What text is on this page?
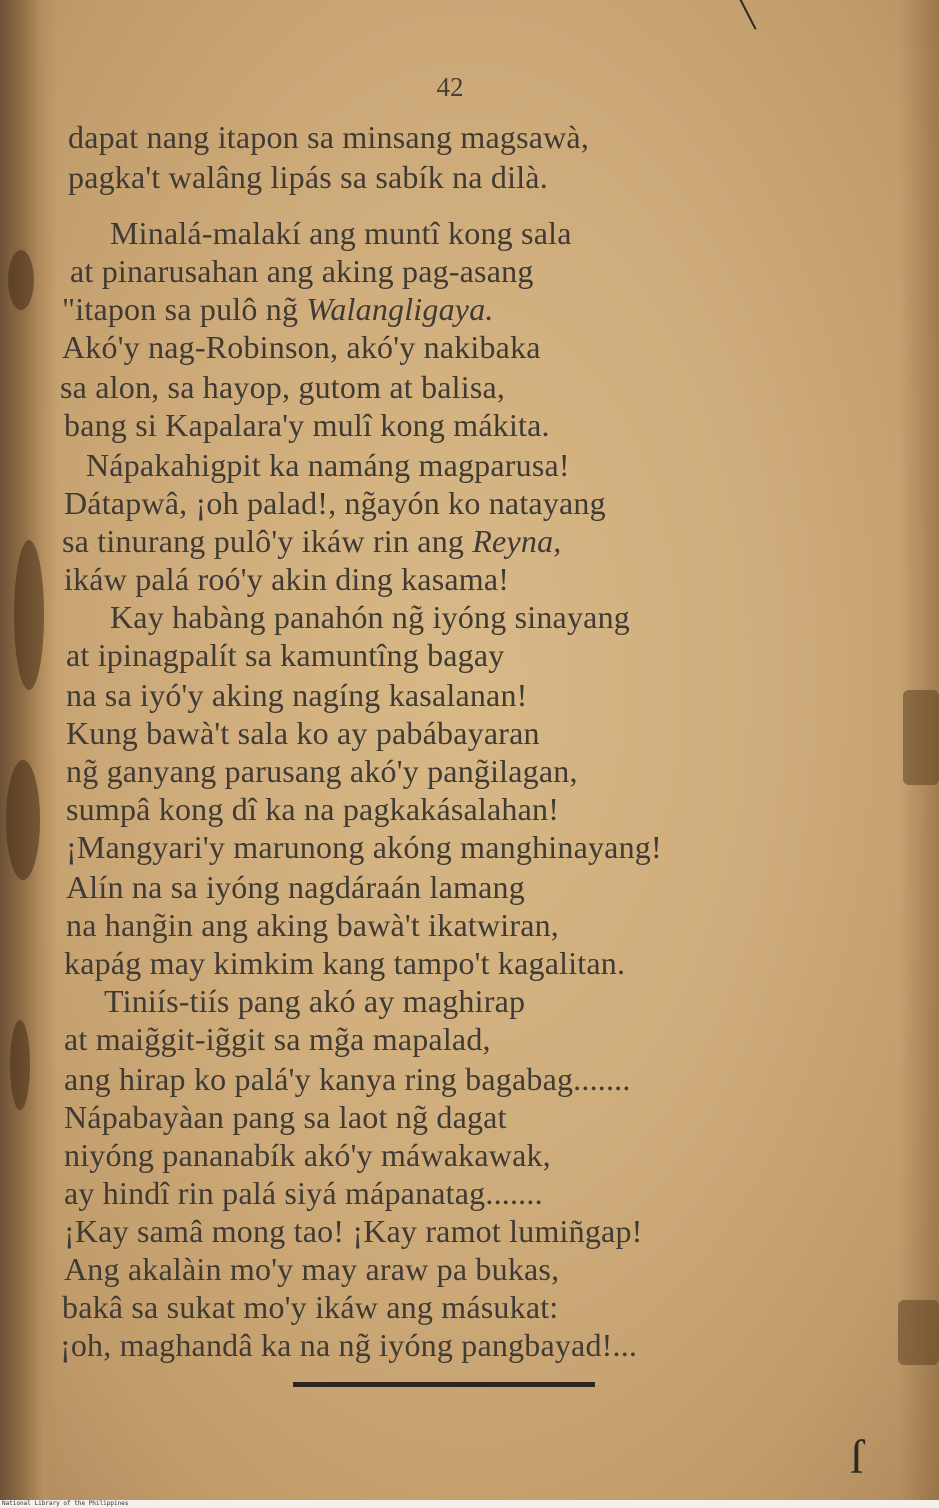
╲
ſ
42
dapat nang itapon sa minsang magsawà,
pagka't walâng lipás sa sabík na dilà.
Minalá-malakí ang muntî kong sala
at pinarusahan ang aking pag-asang
"itapon sa pulô ng̃ Walangligaya.
Akó'y nag-Robinson, akó'y nakibaka
sa alon, sa hayop, gutom at balisa,
bang si Kapalara'y mulî kong mákita.
Nápakahigpit ka namáng magparusa!
Dátapwâ, ¡oh palad!, ng̃ayón ko natayang
sa tinurang pulô'y ikáw rin ang Reyna,
ikáw palá roó'y akin ding kasama!
Kay habàng panahón ng̃ iyóng sinayang
at ipinagpalít sa kamuntîng bagay
na sa iyó'y aking nagíng kasalanan!
Kung bawà't sala ko ay pabábayaran
ng̃ ganyang parusang akó'y pang̃ilagan,
sumpâ kong dî ka na pagkakásalahan!
¡Mangyari'y marunong akóng manghinayang!
Alín na sa iyóng nagdáraán lamang
na hang̃in ang aking bawà't ikatwiran,
kapág may kimkim kang tampo't kagalitan.
Tiniís-tiís pang akó ay maghirap
at maig̃git-ig̃git sa mg̃a mapalad,
ang hirap ko palá'y kanya ring bagabag.......
Nápabayàan pang sa laot ng̃ dagat
niyóng pananabík akó'y máwakawak,
ay hindî rin palá siyá mápanatag.......
¡Kay samâ mong tao! ¡Kay ramot lumiñgap!
Ang akalàin mo'y may araw pa bukas,
bakâ sa sukat mo'y ikáw ang másukat:
¡oh, maghandâ ka na ng̃ iyóng pangbayad!...
National Library of the Philippines
